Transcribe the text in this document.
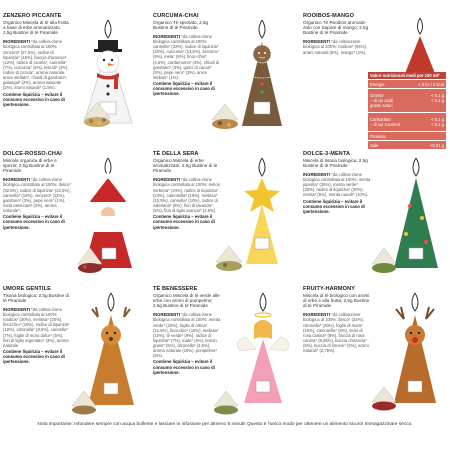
ZENZERO PICCANTE
Organico Miscela di tè alla frutta a base di erbe aromatizzato. 2,5g Bustine di tè Piramide
INGREDIENTI *da coltiva-zione biologica controllata al 100%: zenzero* (27,5%), radice di liquirizia* (15%), buccia d'arancia* (12%), radice di cicoria*, cannella* (7%), curcuma* (5%), biscoli* (4%), radice di cicoria*, aroma naturale, anice stellato*, chiodi di garofano*, galangal* (2%), aroma naturale (2%), aromi naturali* (1,5%).
Contiene liquirizia – evitare il consumo eccessivo in caso di ipertensione.
CURCUMA-CHAI
Organico Tè speziato, 2,5g Bustine di tè Piramide
INGREDIENTI *da coltiva-zione biologica controllata al 100%: cannella* (32%), radice di liquirizia* (20%), curcuma* (13,5%), zenzero* (9%), mela* (8%), finoc-chio* (4,5%), cardamomo* (4%), chiodi di garofano* (3%), gusci di cacao* (3%), pepe nero* (2%), anice stellato* (1%).
Contiene liquirizia – evitare il consumo eccessivo in caso di ipertensione.
ROOIBOS-MANGO
Organico Tè Rooibos aromatiz-zato con Sapore di mango; 2,5g Bustine di tè Piramide
INGREDIENTI *da coltivazione biologica al 100%: rooibos* (94%), aromi naturali (5%), mango* (1%).
Valori nutrizionali medi per 100 ml*
Energia	< 5 kJ / 2 kcal
Grasso
– di cui acidi
grassi saturi
< 0,1 g
< 0,1 g
Carboidrati
– di cui zuccheri
< 0,1 g
< 0,1 g
Proteina
Sale	<0,01 g
DOLCE-ROSSO-CHAI
Miscela organica di erbe e spezie; 2,5g Bustine di tè Piramide
INGREDIENTI *da coltiva-zione biologica controllata al 100%: ibisco* (32,5%), radice di liquirizia* (22,5%), cannella* (15%), zenzero* (12%), garofano* (3%), pepe nero* (1%), mela essiccata* (3%), aroma naturale*.
Contiene liquirizia – evitare il consumo eccessivo in caso di ipertensione.
TÈ DELLA SERA
Organico Miscela di erbe aromatizzate, 2,5g Bustine di tè Piramide
INGREDIENTI *da coltiva-zione biologica controllata al 100%: lemon verbena* (24%), radice di liquirizia* (24%), camomilla* (15%), melissa* (10,5%), cannella* (10%), radice di valeriana* (9%), fiori di lavanda* (5%), fiori di tiglio arancio* (2,5%).
Contiene liquirizia – evitare il consumo eccessivo in caso di ipertensione.
DOLCE-3-MENTA
Miscela di tisana biologica; 2,5g Bustine di tè Piramide
INGREDIENTI *da coltiva-zione biologica controllata al 100%: menta piperita* (35%), menta verde* (30%), radice di liquirizia* (20%), menta* (5%), menta nanah* (10%).
Contiene liquirizia – evitare il consumo eccessivo in caso di ipertensione.
UMORE GENTILE
Tisana biologica; 2,5g Bustine di tè Piramide
INGREDIENTI *da coltiva-zione biologica controllata al 100%: rooibos* (30%), melissa* (20%), finocchio* (10%), radice di liquirizia* (10%), citronella* (8,5%), cannella* (7%), foglie di mora dolce* (5%), fiori di tiglio argentato* (3%), aroma naturale.
Contiene liquirizia – evitare il consumo eccessivo in caso di ipertensione.
TÈ BENESSERE
Organico Miscela di tè verde alle erbe con aromi di pompelmo; 2,5g Bustine di tè Piramide
INGREDIENTI *da coltiva-zione biologica controllata al 100%: menta verde* (20%), foglie di ortica* (21,5%), finocchio* (10%), melissa* (10%), tè verde* (9%), radice di liquirizia* (7%), mate* (5%), lemon grass* (5%), citronella* (3,5%), aroma naturale (10%), pompelmo* (5%).
Contiene liquirizia – evitare il consumo eccessivo in caso di ipertensione.
FRUITY-HARMONY
Miscela di tè biologico con aromi di erbe e alla frutta; 2,5g Bustine di tè Piramide
INGREDIENTI *da coltivazione biologica al 100%: ibisco* (34%), citronella* (20%), foglie di mora* (10%), camomilla* (8%), semi di rosa canina* (8%), buccia di rosa canina* (8,25%), buccia d'arancia* (5%), buccia di limone* (5%), aromi naturali* (2,75%).
Nota importante: Infondere sempre con acqua bollente e lasciare in infusione per almeno 5 minuti! Questo è l'unico modo per ottenere un alimento sicuro! Immagazzinare secco.
